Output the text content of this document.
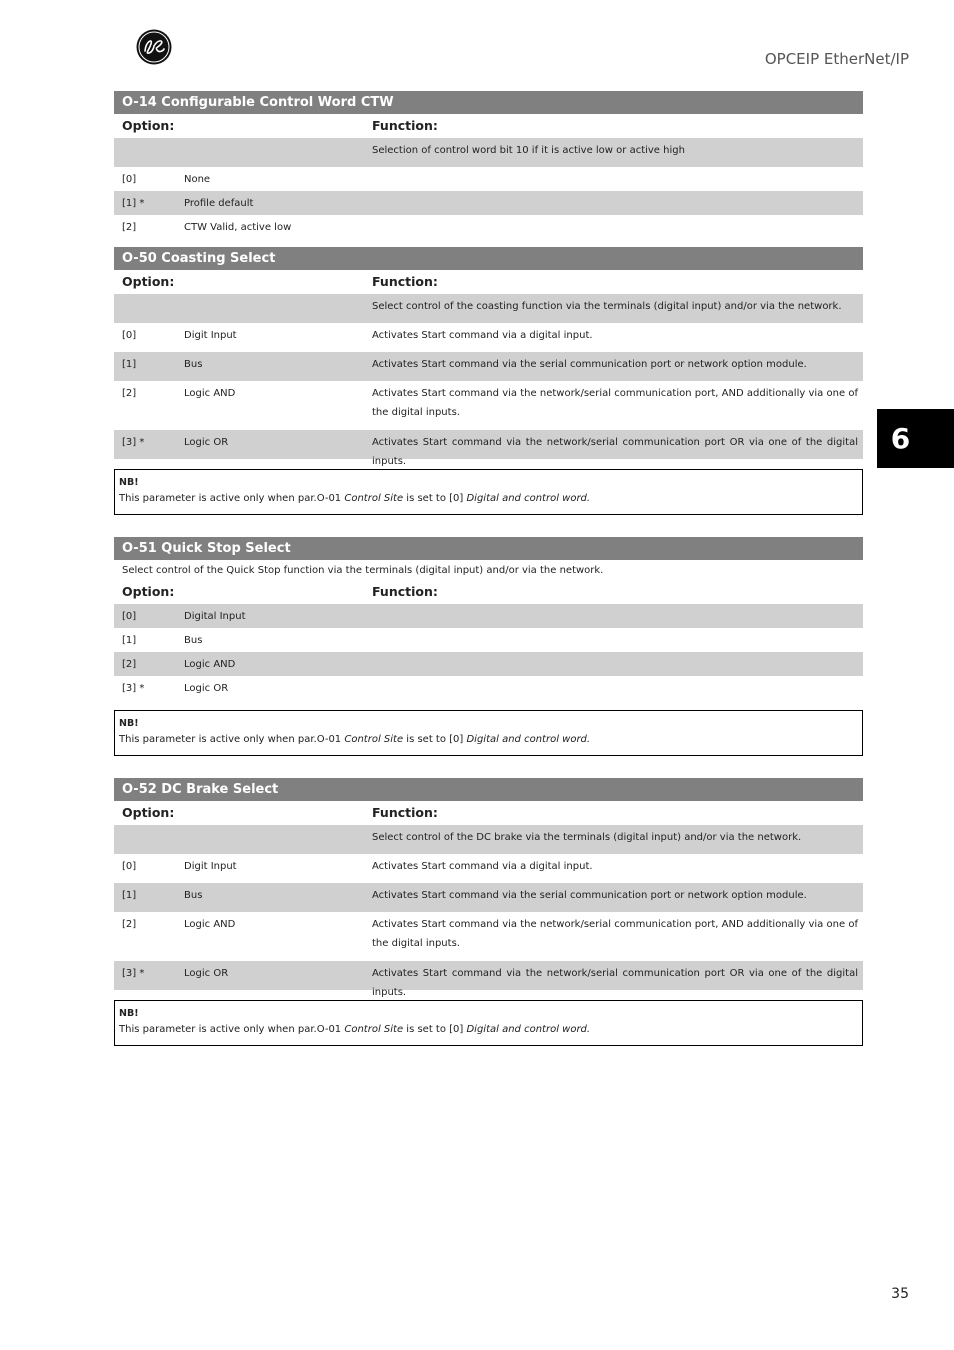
OPCEIP EtherNet/IP
6
35
O-14 Configurable Control Word CTW
Option:	Function:
Selection of control word bit 10 if it is active low or active high
[0]	None
[1] *	Profile default
[2]	CTW Valid, active low
O-50 Coasting Select
Option:	Function:
Select control of the coasting function via the terminals (digital input) and/or via the network.
[0]	Digit Input	Activates Start command via a digital input.
[1]	Bus	Activates Start command via the serial communication port or network option module.
[2]	Logic AND	Activates Start command via the network/serial communication port, AND additionally via one of the digital inputs.
[3] *	Logic OR	Activates Start command via the network/serial communication port OR via one of the digital inputs.
NB!
This parameter is active only when par.O-01 Control Site is set to [0] Digital and control word.
O-51 Quick Stop Select
Select control of the Quick Stop function via the terminals (digital input) and/or via the network.
Option:	Function:
[0]	Digital Input
[1]	Bus
[2]	Logic AND
[3] *	Logic OR
NB!
This parameter is active only when par.O-01 Control Site is set to [0] Digital and control word.
O-52 DC Brake Select
Option:	Function:
Select control of the DC brake via the terminals (digital input) and/or via the network.
[0]	Digit Input	Activates Start command via a digital input.
[1]	Bus	Activates Start command via the serial communication port or network option module.
[2]	Logic AND	Activates Start command via the network/serial communication port, AND additionally via one of the digital inputs.
[3] *	Logic OR	Activates Start command via the network/serial communication port OR via one of the digital inputs.
NB!
This parameter is active only when par.O-01 Control Site is set to [0] Digital and control word.
